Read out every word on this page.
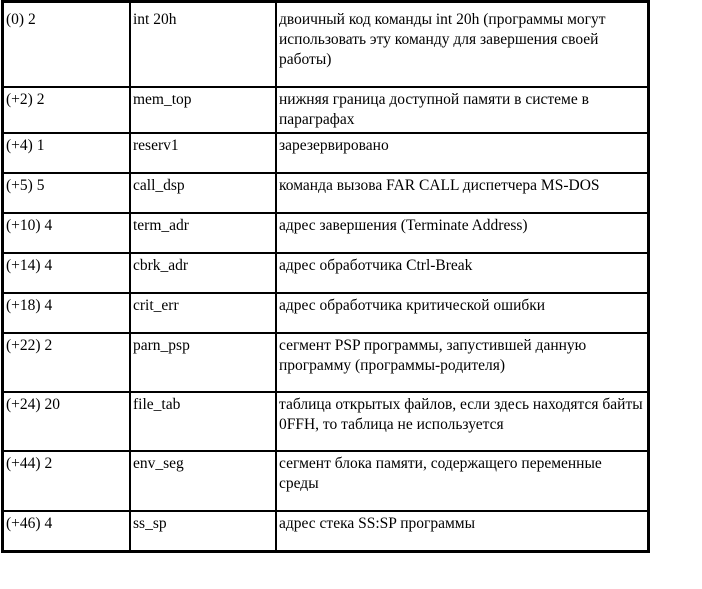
(0) 2	int 20h	двоичный код команды int 20h (программы могут использовать эту команду для завершения своей работы)
(+2) 2	mem_top	нижняя граница доступной памяти в системе в параграфах
(+4) 1	reserv1	зарезервировано
(+5) 5	call_dsp	команда вызова FAR CALL диспетчера MS-DOS
(+10) 4	term_adr	адрес завершения (Terminate Address)
(+14) 4	cbrk_adr	адрес обработчика Ctrl-Break
(+18) 4	crit_err	адрес обработчика критической ошибки
(+22) 2	parn_psp	сегмент PSP программы, запустившей данную программу (программы-родителя)
(+24) 20	file_tab	таблица открытых файлов, если здесь находятся байты 0FFH, то таблица не используется
(+44) 2	env_seg	сегмент блока памяти, содержащего переменные среды
(+46) 4	ss_sp	адрес стека SS:SP программы
